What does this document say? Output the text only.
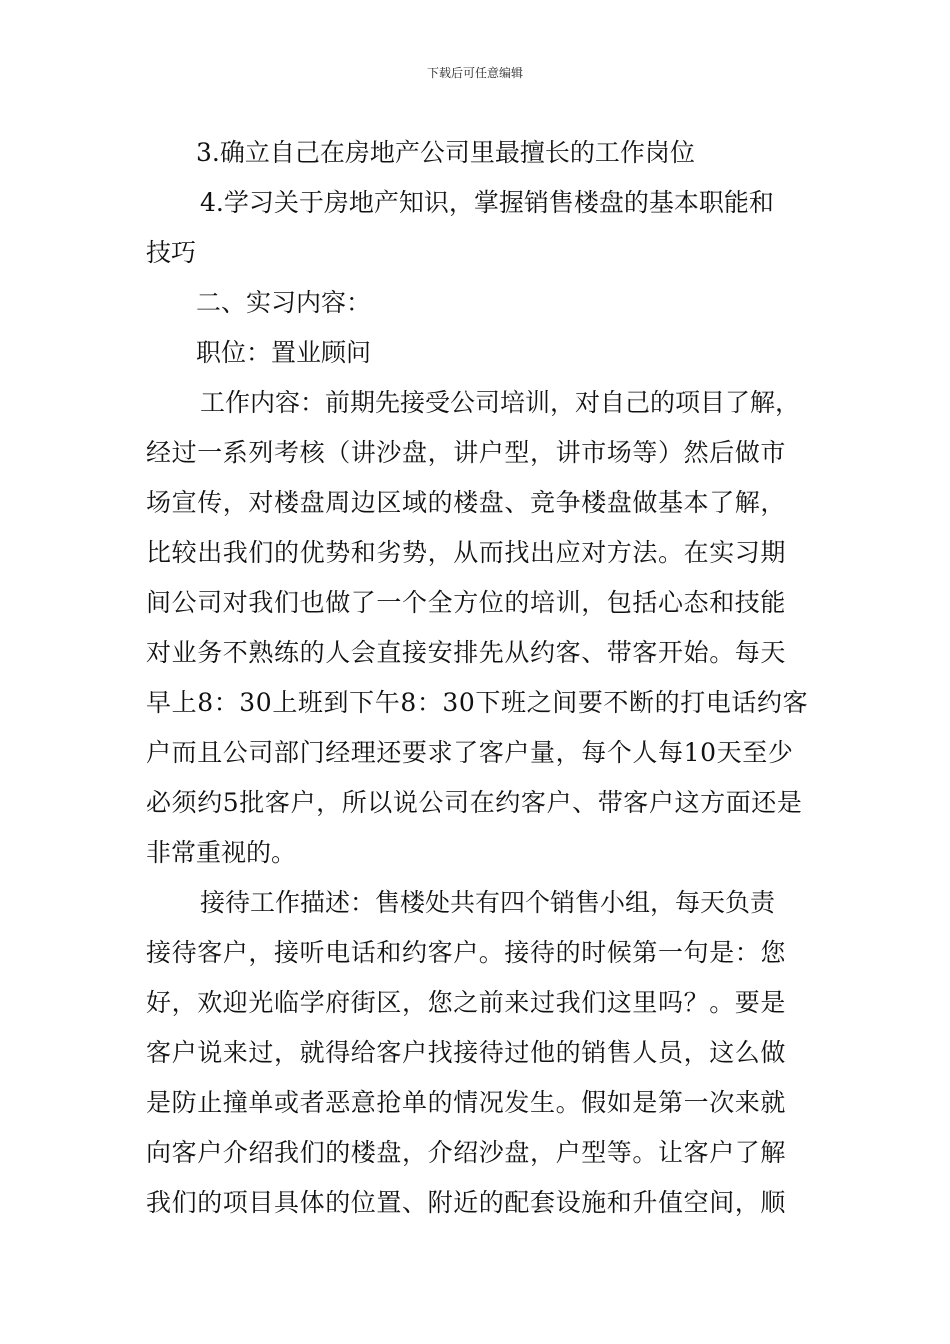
下载后可任意编辑
3.确立自己在房地产公司里最擅长的工作岗位
4.学习关于房地产知识，掌握销售楼盘的基本职能和
技巧
二、实习内容：
职位：置业顾问
工作内容：前期先接受公司培训，对自己的项目了解，
经过一系列考核（讲沙盘，讲户型，讲市场等）然后做市
场宣传，对楼盘周边区域的楼盘、竞争楼盘做基本了解，
比较出我们的优势和劣势，从而找出应对方法。在实习期
间公司对我们也做了一个全方位的培训，包括心态和技能
对业务不熟练的人会直接安排先从约客、带客开始。每天
早上8：30上班到下午8：30下班之间要不断的打电话约客
户而且公司部门经理还要求了客户量，每个人每10天至少
必须约5批客户，所以说公司在约客户、带客户这方面还是
非常重视的。
接待工作描述：售楼处共有四个销售小组，每天负责
接待客户，接听电话和约客户。接待的时候第一句是：您
好，欢迎光临学府街区，您之前来过我们这里吗？。要是
客户说来过，就得给客户找接待过他的销售人员，这么做
是防止撞单或者恶意抢单的情况发生。假如是第一次来就
向客户介绍我们的楼盘，介绍沙盘，户型等。让客户了解
我们的项目具体的位置、附近的配套设施和升值空间，顺
